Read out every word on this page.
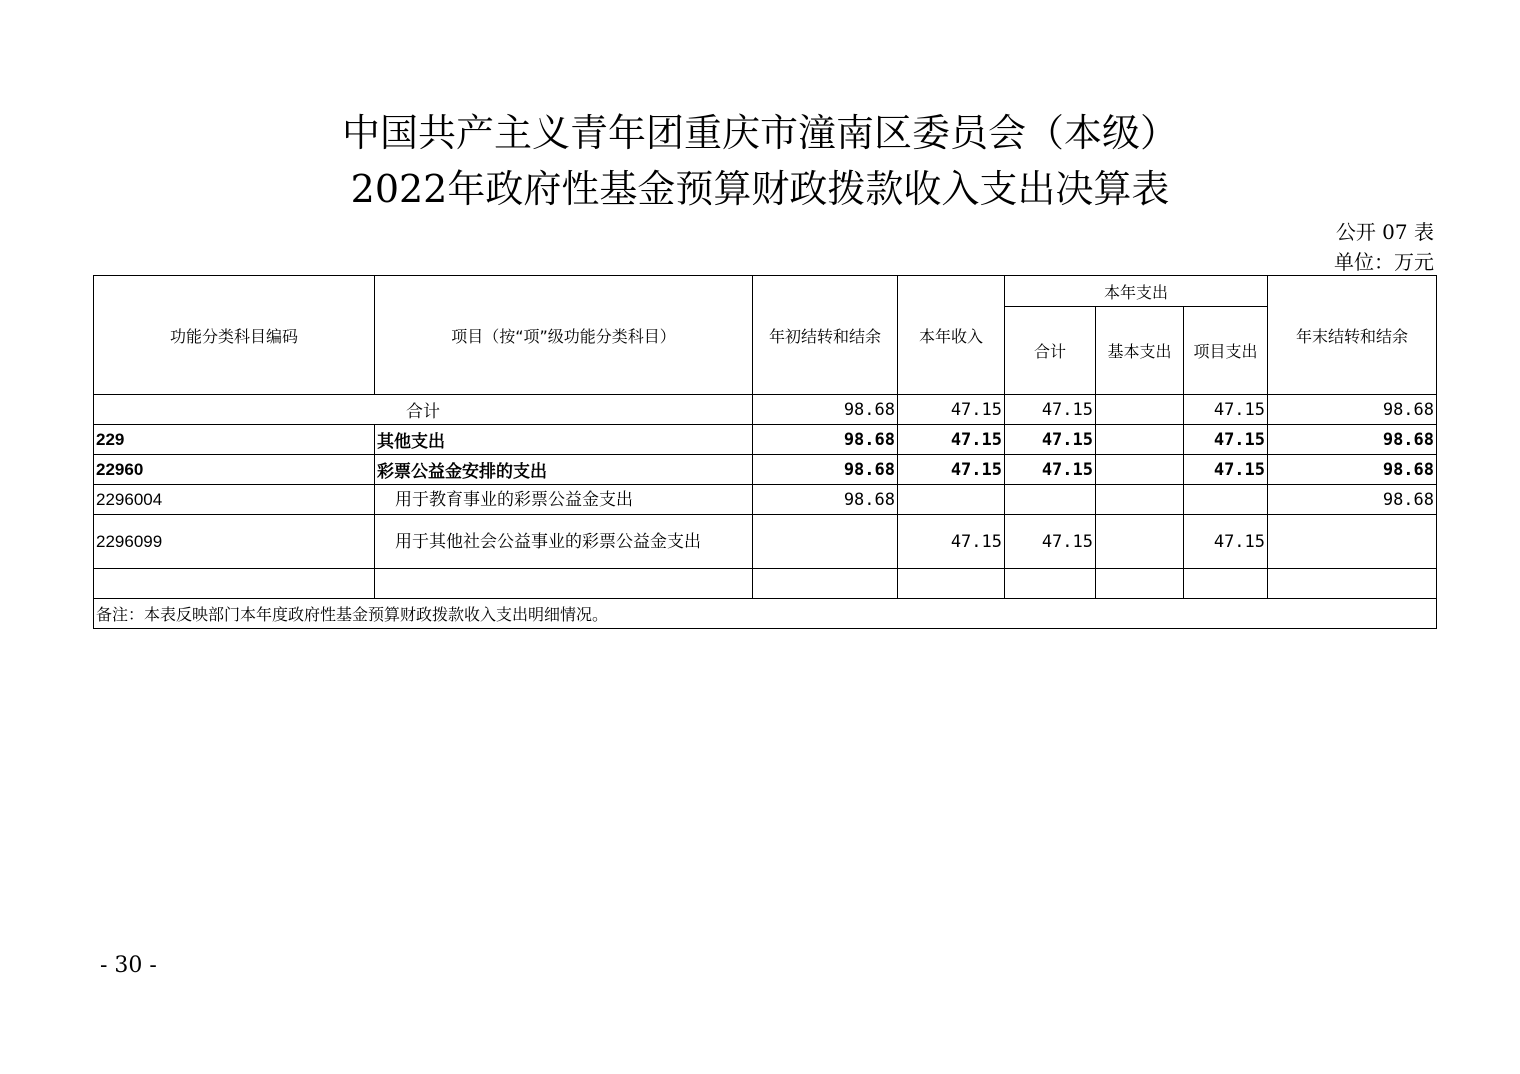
中国共产主义青年团重庆市潼南区委员会（本级）
2022年政府性基金预算财政拨款收入支出决算表
公开 07 表
单位：万元
功能分类科目编码	项目（按“项”级功能分类科目）	年初结转和结余	本年收入	本年支出			年末结转和结余
				合计	基本支出	项目支出	
合计		98.68	47.15	47.15		47.15	98.68
229	其他支出	98.68	47.15	47.15		47.15	98.68
22960	彩票公益金安排的支出	98.68	47.15	47.15		47.15	98.68
2296004	用于教育事业的彩票公益金支出	98.68					98.68
2296099	用于其他社会公益事业的彩票公益金支出		47.15	47.15		47.15	

备注：本表反映部门本年度政府性基金预算财政拨款收入支出明细情况。							
- 30 -
